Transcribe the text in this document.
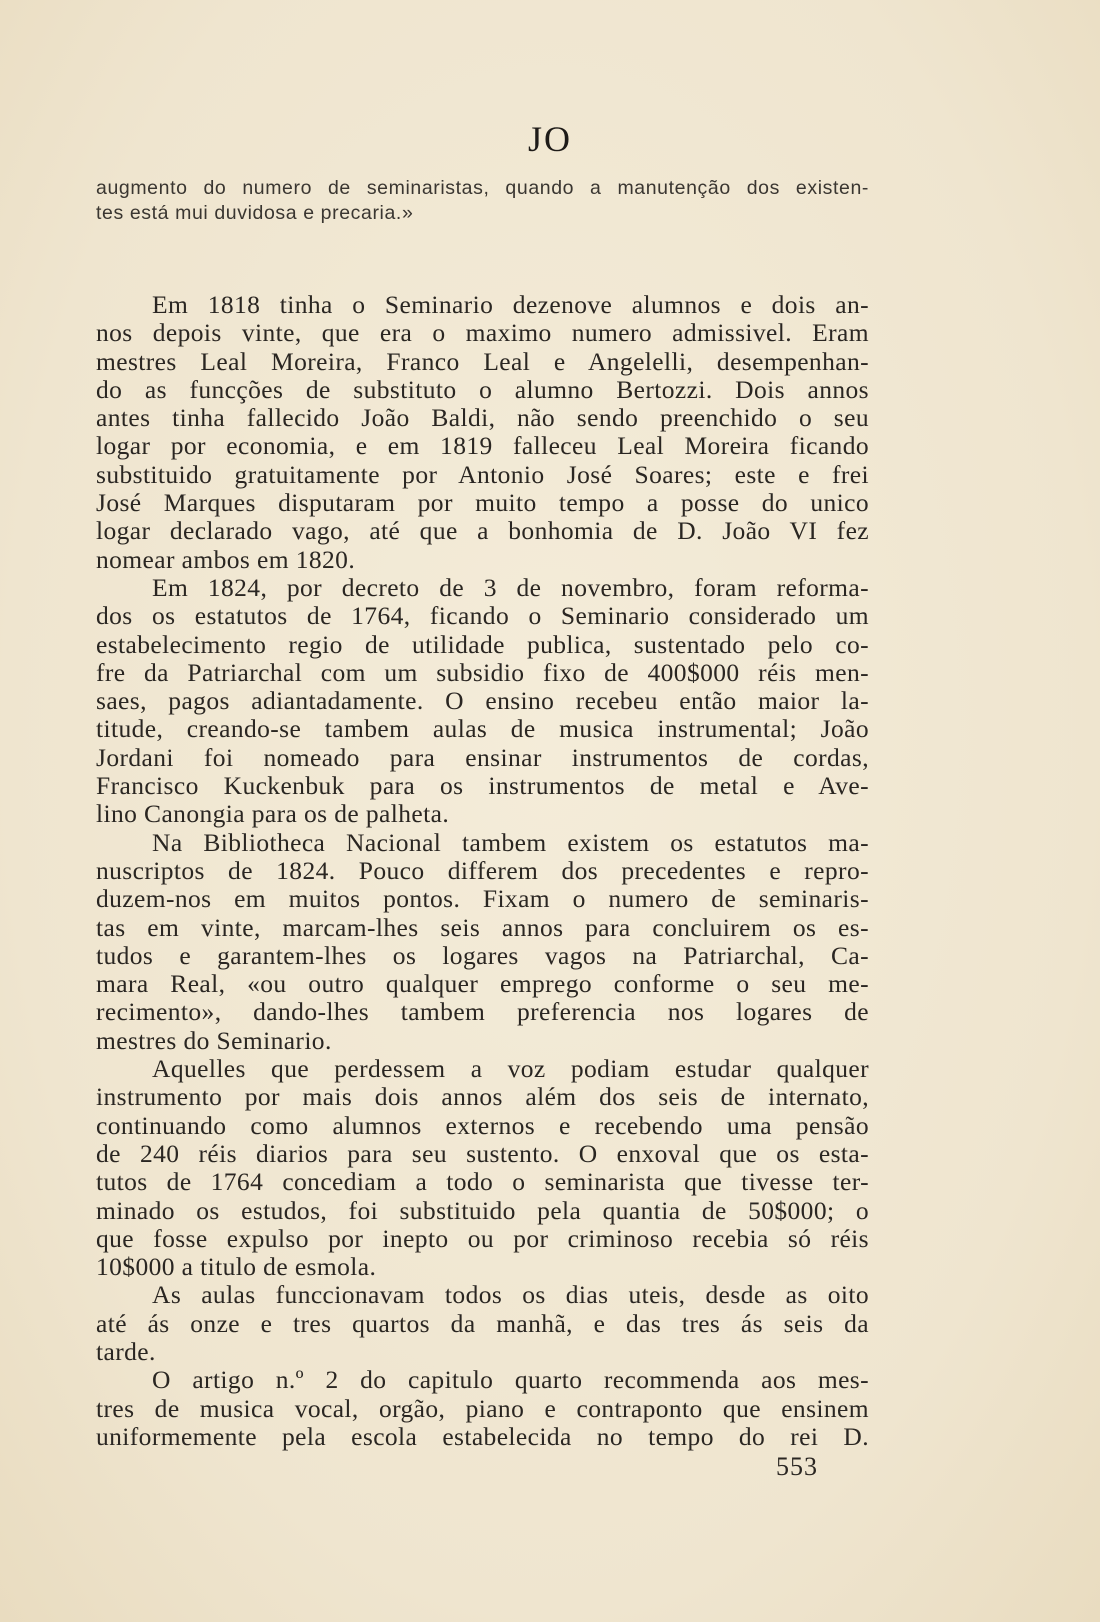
JO
augmento do numero de seminaristas, quando a manutenção dos existen-
tes está mui duvidosa e precaria.»
Em 1818 tinha o Seminario dezenove alumnos e dois an-
nos depois vinte, que era o maximo numero admissivel. Eram
mestres Leal Moreira, Franco Leal e Angelelli, desempenhan-
do as funcções de substituto o alumno Bertozzi. Dois annos
antes tinha fallecido João Baldi, não sendo preenchido o seu
logar por economia, e em 1819 falleceu Leal Moreira ficando
substituido gratuitamente por Antonio José Soares; este e frei
José Marques disputaram por muito tempo a posse do unico
logar declarado vago, até que a bonhomia de D. João VI fez
nomear ambos em 1820.
Em 1824, por decreto de 3 de novembro, foram reforma-
dos os estatutos de 1764, ficando o Seminario considerado um
estabelecimento regio de utilidade publica, sustentado pelo co-
fre da Patriarchal com um subsidio fixo de 400$000 réis men-
saes, pagos adiantadamente. O ensino recebeu então maior la-
titude, creando-se tambem aulas de musica instrumental; João
Jordani foi nomeado para ensinar instrumentos de cordas,
Francisco Kuckenbuk para os instrumentos de metal e Ave-
lino Canongia para os de palheta.
Na Bibliotheca Nacional tambem existem os estatutos ma-
nuscriptos de 1824. Pouco differem dos precedentes e repro-
duzem-nos em muitos pontos. Fixam o numero de seminaris-
tas em vinte, marcam-lhes seis annos para concluirem os es-
tudos e garantem-lhes os logares vagos na Patriarchal, Ca-
mara Real, «ou outro qualquer emprego conforme o seu me-
recimento», dando-lhes tambem preferencia nos logares de
mestres do Seminario.
Aquelles que perdessem a voz podiam estudar qualquer
instrumento por mais dois annos além dos seis de internato,
continuando como alumnos externos e recebendo uma pensão
de 240 réis diarios para seu sustento. O enxoval que os esta-
tutos de 1764 concediam a todo o seminarista que tivesse ter-
minado os estudos, foi substituido pela quantia de 50$000; o
que fosse expulso por inepto ou por criminoso recebia só réis
10$000 a titulo de esmola.
As aulas funccionavam todos os dias uteis, desde as oito
até ás onze e tres quartos da manhã, e das tres ás seis da
tarde.
O artigo n.º 2 do capitulo quarto recommenda aos mes-
tres de musica vocal, orgão, piano e contraponto que ensinem
uniformemente pela escola estabelecida no tempo do rei D.
553
